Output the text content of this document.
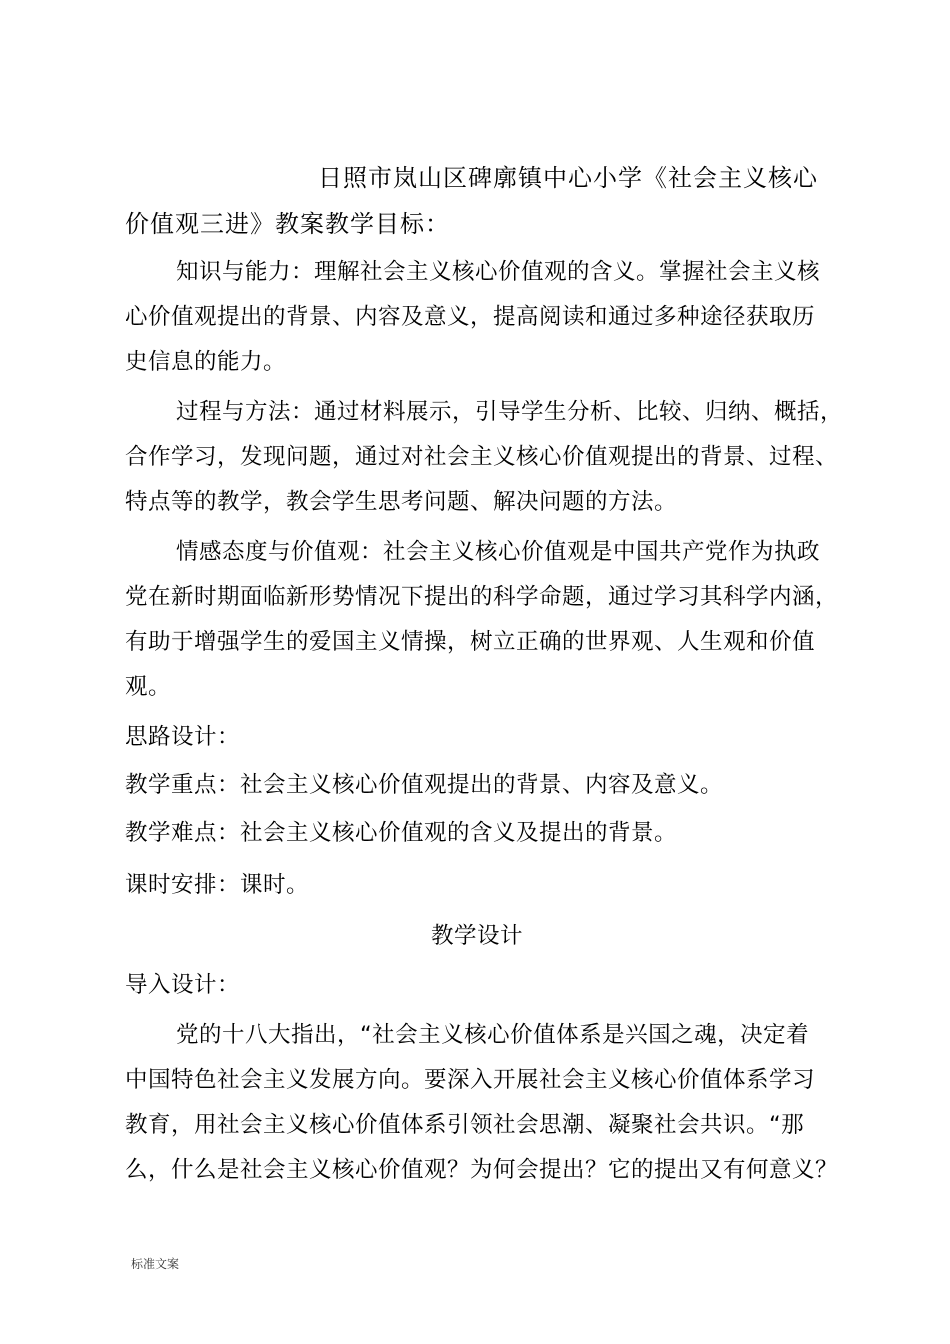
日照市岚山区碑廓镇中心小学《社会主义核心
价值观三进》教案教学目标：
知识与能力：理解社会主义核心价值观的含义。掌握社会主义核
心价值观提出的背景、内容及意义，提高阅读和通过多种途径获取历
史信息的能力。
过程与方法：通过材料展示，引导学生分析、比较、归纳、概括，
合作学习，发现问题，通过对社会主义核心价值观提出的背景、过程、
特点等的教学，教会学生思考问题、解决问题的方法。
情感态度与价值观：社会主义核心价值观是中国共产党作为执政
党在新时期面临新形势情况下提出的科学命题，通过学习其科学内涵，
有助于增强学生的爱国主义情操，树立正确的世界观、人生观和价值
观。
思路设计：
教学重点：社会主义核心价值观提出的背景、内容及意义。
教学难点：社会主义核心价值观的含义及提出的背景。
课时安排：课时。
教学设计
导入设计：
党的十八大指出，“社会主义核心价值体系是兴国之魂，决定着
中国特色社会主义发展方向。要深入开展社会主义核心价值体系学习
教育，用社会主义核心价值体系引领社会思潮、凝聚社会共识。“那
么，什么是社会主义核心价值观？为何会提出？它的提出又有何意义？
标准文案
